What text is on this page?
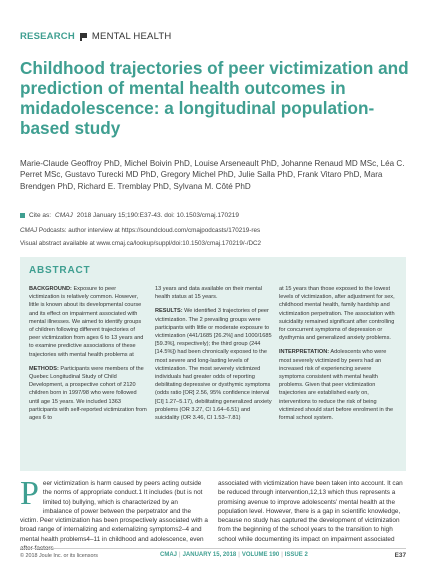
RESEARCH MENTAL HEALTH
Childhood trajectories of peer victimization and prediction of mental health outcomes in midadolescence: a longitudinal population-based study
Marie-Claude Geoffroy PhD, Michel Boivin PhD, Louise Arseneault PhD, Johanne Renaud MD MSc, Léa C. Perret MSc, Gustavo Turecki MD PhD, Gregory Michel PhD, Julie Salla PhD, Frank Vitaro PhD, Mara Brendgen PhD, Richard E. Tremblay PhD, Sylvana M. Côté PhD
Cite as: CMAJ 2018 January 15;190:E37-43. doi: 10.1503/cmaj.170219
CMAJ Podcasts: author interview at https://soundcloud.com/cmajpodcasts/170219-res
Visual abstract available at www.cmaj.ca/lookup/suppl/doi:10.1503/cmaj.170219/-/DC2
ABSTRACT

BACKGROUND: Exposure to peer victimization is relatively common. However, little is known about its developmental course and its effect on impairment associated with mental illnesses. We aimed to identify groups of children following different trajectories of peer victimization from ages 6 to 13 years and to examine predictive associations of these trajectories with mental health problems at

METHODS: Participants were members of the Quebec Longitudinal Study of Child Development, a prospective cohort of 2120 children born in 1997/98 who were followed until age 15 years. We included 1363 participants with self-reported victimization from ages 6 to

13 years and data available on their mental health status at 15 years.

RESULTS: We identified 3 trajectories of peer victimization. The 2 prevailing groups were participants with little or moderate exposure to victimization (441/1685 [26.2%] and 1000/1685 [59.3%], respectively); the third group (244 [14.5%]) had been chronically exposed to the most severe and long-lasting levels of victimization. The most severely victimized individuals had greater odds of reporting debilitating depressive or dysthymic symptoms (odds ratio [OR] 2.56, 95% confidence interval [CI] 1.27–5.17), debilitating generalized anxiety problems (OR 3.27, CI 1.64–6.51) and suicidality (OR 3.46, CI 1.53–7.81)

at 15 years than those exposed to the lowest levels of victimization, after adjustment for sex, childhood mental health, family hardship and victimization perpetration. The association with suicidality remained significant after controlling for concurrent symptoms of depression or dysthymia and generalized anxiety problems.

INTERPRETATION: Adolescents who were most severely victimized by peers had an increased risk of experiencing severe symptoms consistent with mental health problems. Given that peer victimization trajectories are established early on, interventions to reduce the risk of being victimized should start before enrolment in the formal school system.

P eer victimization is harm caused by peers acting outside the norms of appropriate conduct.1 It includes (but is not limited to) bullying, which is characterized by an imbalance of power between the perpetrator and the victim. Peer victimization has been prospectively associated with a broad range of internalizing and externalizing symptoms2–4 and mental health problems4–11 in childhood and adolescence, even
associated with victimization have been taken into account. It can be reduced through intervention,12,13 which thus represents a promising avenue to improve adolescents’ mental health at the population level. However, there is a gap in scientific knowledge, because no study has captured the development of victimization from the beginning of the school years to the transition to high school while documenting its impact on impairment associated
© 2018 Joule Inc. or its licensors	CMAJ | JANUARY 15, 2018 | VOLUME 190 | ISSUE 2	E37
